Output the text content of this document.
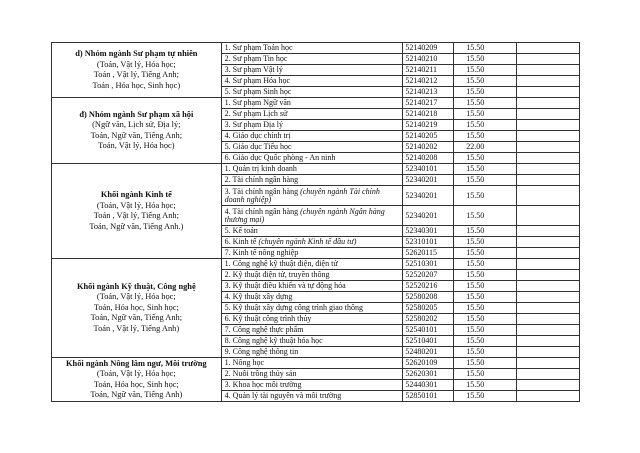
d) Nhóm ngành Sư phạm tự nhiên
(Toán, Vật lý, Hóa học;
Toán , Vật lý, Tiếng Anh;
Toán , Hóa học, Sinh học)	1. Sư phạm Toán học	52140209	15.50	
	2. Sư phạm Tin học	52140210	15.50	
	3. Sư phạm Vật lý	52140211	15.50	
	4. Sư phạm Hóa học	52140212	15.50	
	5. Sư phạm Sinh học	52140213	15.50	

đ) Nhóm ngành Sư phạm xã hội
(Ngữ văn, Lịch sử, Địa lý;
Toán, Ngữ văn, Tiếng Anh;
Toán, Vật lý, Hóa học)	1. Sư phạm Ngữ văn	52140217	15.50	
	2. Sư phạm Lịch sử	52140218	15.50	
	3. Sư phạm Địa lý	52140219	15.50	
	4. Giáo dục chính trị	52140205	15.50	
	5. Giáo dục Tiểu học	52140202	22.00	
	6. Giáo dục Quốc phòng - An ninh	52140208	15.50	

Khối ngành Kinh tế
(Toán, Vật lý, Hóa học;
Toán , Vật lý, Tiếng Anh;
Toán, Ngữ văn, Tiếng Anh.)	1. Quản trị kinh doanh	52340101	15.50	
	2. Tài chính ngân hàng	52340201	15.50	
	3. Tài chính ngân hàng (chuyên ngành Tài chính doanh nghiệp)	52340201	15.50	
	4. Tài chính ngân hàng (chuyên ngành Ngân hàng thương mại)	52340201	15.50	
	5. Kế toán	52340301	15.50	
	6. Kinh tế (chuyên ngành Kinh tế đầu tư)	52310101	15.50	
	7. Kinh tế nông nghiệp	52620115	15.50	

Khối ngành Kỹ thuật, Công nghệ
(Toán, Vật lý, Hóa học;
Toán, Hóa học, Sinh học;
Toán, Ngữ văn, Tiếng Anh;
Toán , Vật lý, Tiếng Anh)	1. Công nghệ kỹ thuật điện, điện tử	52510301	15.50	
	2. Kỹ thuật điện tử, truyền thông	52520207	15.50	
	3. Kỹ thuật điều khiển và tự động hóa	52520216	15.50	
	4. Kỹ thuật xây dựng	52580208	15.50	
	5. Kỹ thuật xây dựng công trình giao thông	52580205	15.50	
	6. Kỹ thuật công trình thủy	52580202	15.50	
	7. Công nghệ thực phẩm	52540101	15.50	
	8. Công nghệ kỹ thuật hóa học	52510401	15.50	
	9. Công nghệ thông tin	52480201	15.50	

Khối ngành Nông lâm ngư, Môi trường
(Toán, Vật lý, Hóa học;
Toán, Hóa học, Sinh học;
Toán, Ngữ văn, Tiếng Anh)	1. Nông học	52620109	15.50	
	2. Nuôi trồng thủy sản	52620301	15.50	
	3. Khoa học môi trường	52440301	15.50	
	4. Quản lý tài nguyên và môi trường	52850101	15.50	
